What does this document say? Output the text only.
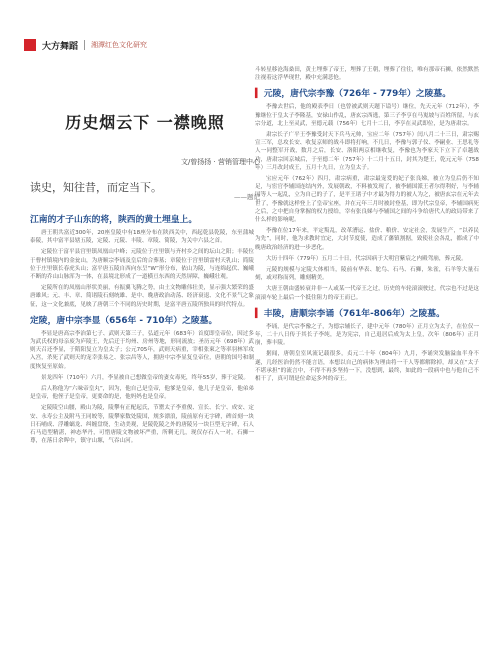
大方舞蹈 湘潭红色文化研究
历史烟云下 一襟晚照
文/曾扬扬 · 营销管理中心
读史，知往昔，而定当下。
——题记
江南的才子山东的将，陕西的黄土埋皇上。

唐王朝共富近300年，20座皇陵中有18座分布在陕西关中，西起乾县乾陵，东至蒲城泰陵，其中富平县辖五陵，定陵、元陵、丰陵、章陵、简陵，为关中六县之首。

定陵位于富平县宫里镇凤凰山中峰；元陵位于庄里镇与齐村乡之间的坛山之阳；丰陵位于曹村镇境内的金瓮山，为唐顺宗李诵及皇后的合葬墓；章陵位于宫里镇雷村天乳山；简陵位于庄里镇长春虎头山；富平唐五陵自西向东呈“W”形分布，依山为陵，与连绵起伏、巍峨不断的乔山山脉浑为一体，在县境北形成了一道横亘东西的天然屏障，巍峨壮观。

定陵所在的凤凰山形状美丽，有振翼飞腾之势，由土文物雕伟壮美，显示强大繁荣的盛唐雄风；元、丰、章、简诸陵石刻统雄、是中、晚唐政治动荡、经济衰退、文化不景气之象征，这一文化兼底，见映了唐朝三个不同的历史时期，是富平唐五陵所独具的时代特点。

定陵，唐中宗李显（656年 - 710年）之陵墓。

李显是唐高宗李治第七子、武则天第三子，弘道元年（683年）首度即皇帝位，因过多为武氏权的母亲废为庐陵王，先后迁于均州、房州等地，形同流放；圣历元年（698年）武则天召还李显，于隋阳复立为皇太子；公元705年，武则天病重，宰相张柬之等率羽林军攻入宫，杀死了武则天的宠幸张易之、张宗昌等人，拥唐中宗李显复皇帝位，唐朝的国号和制度恢复至原始。

景龙四年（710年）六月，李显被自己想做皇帝的妻女毒死，终年55岁，葬于定陵。

后人称他为“六味帝皇丸”，因为，他自己是皇帝，他爹是皇帝，他儿子是皇帝，他弟弟是皇帝，他侄子是皇帝，更要命的是，他妈妈也是皇帝。

定陵陵空山腰，殿山为陵，陵攀有正配起氏，节罂太子李重俊、宣长、长宁、成安、定安、永寿公主及附马王同皎等，陵攀家数处陵国，规多漂浪，陵前原有无字碑，碑首刻一块日石哺成、浮雕螭龙、纠缠盘绕，生动美观，是陵乾陵之外的唐陵另一块巨型无字碑，石人石马造型精湛，神态华丹，可惜唐陵文物被坏严重，所剩无几，现仅存石人一对，石狮一尊，在落日余晖中，镇守山塬，气吞山河。

斗转星移沧海桑田，黄土埋葬了帝王，埋葬了王朝，埋葬了往往，唯有那帝石狮，依然默然注视着这浮华现世，殿中充满悲怆。

▍ 元陵，唐代宗李豫（726年 - 779年）之陵墓。

李豫去世后，他的殿表季日（也曾被武则天题下谥号）继位，先天元年（712年），李豫继位于皇太子李隆基，安禄山作乱，唐玄宗西逃，第三子李亨在马嵬坡与百姓所留，与玄宗分道，北上至灵武，至德元载（756年）七月十二日，李亨在灵武即位，是为唐肃宗。

肃宗长子广平王李豫受封天下兵马元帅，宝应二年（757年）闰八月二十三日，肃宗赐宣三军，总攻长安、收复京师的战斗即将打响，不几日，李豫与郭子仪、李嗣业、王思礼等人一同整军开战，数月之后，长安、洛阳两京相继收复，李豫也为李家天下立下了卓越战功，唐肃宗回京城后，于至德二年（757年）十二月十五日，封其为楚王，乾元元年（758年）三月改封成王，五月十九日，立为皇太子。

宝应元年（762年）四月，肃宗病重，肃宗最宠爱的妃子张良娣，被立为皇后仍不知足，与宦官李辅国连结内外，发展朝政，不料被发现了，被李辅国派王者尔得利好，与李辅国等人一起乱，立为自己的子了，是平王诸子中才最为得力的被人为之，被唐玄宗在元年去世了，李豫就这样登上了皇帝宝座，并在元年三月时被封登基，即为代宗皇帝，李辅国病死之后，之中把自身掌握的权力授给，宰有张良娣与李辅国之间的斗争给唐代人的政局带来了什么样的影响呢。

李豫在位17年来，平定叛乱，改革漕运、盐价、粮价、安定社会，发展生产，“以养民为先”，同时，他为求教时宜定，大封节度使，造成了藩镇割据，致使社会各乱，都成了中晚唐政治经济的进一步恶化。

大历十四年（779年）五月二十日，代宗因病于大明宫紫宸之内殿驾崩，葬元陵。

元陵的规模与定陵大体相当，陵前有华表、鸵鸟、石马、石狮，朱雀，石羊等大量石刻，或对称而列，雕刻精美。

大唐王朝由盛转衰并非一人或某一代帝王之过，历史的车轮滚滚驶过，代宗也不过是这滚滚车轮上最后一个抵住阻力的帝王而已。

▍ 丰陵，唐顺宗李诵（761年-806年）之陵墓。

李诵，是代宗李豫之子，为德宗辅长子，建中元年（780年）正月立为太子，在位仅一年，二十八日传于其长子李纯，是为宪宗，自己退居后成为太上皇，次年（806年）正月崩，葬丰陵。

据闻，唐朝皇室风流记载很多，贞元二十年（804年）九月，李诵突发脑溢血半身不遂，几经医治仍然不能言语，本想以自己的病体为理由将一干人等都解除掉，却又在“太子不堪承担”的流言中，不得不再多坚持一下，没想到，最终，如此的一段病中也与他自己不相干了，真可谓是位命运多舛的帝王。
